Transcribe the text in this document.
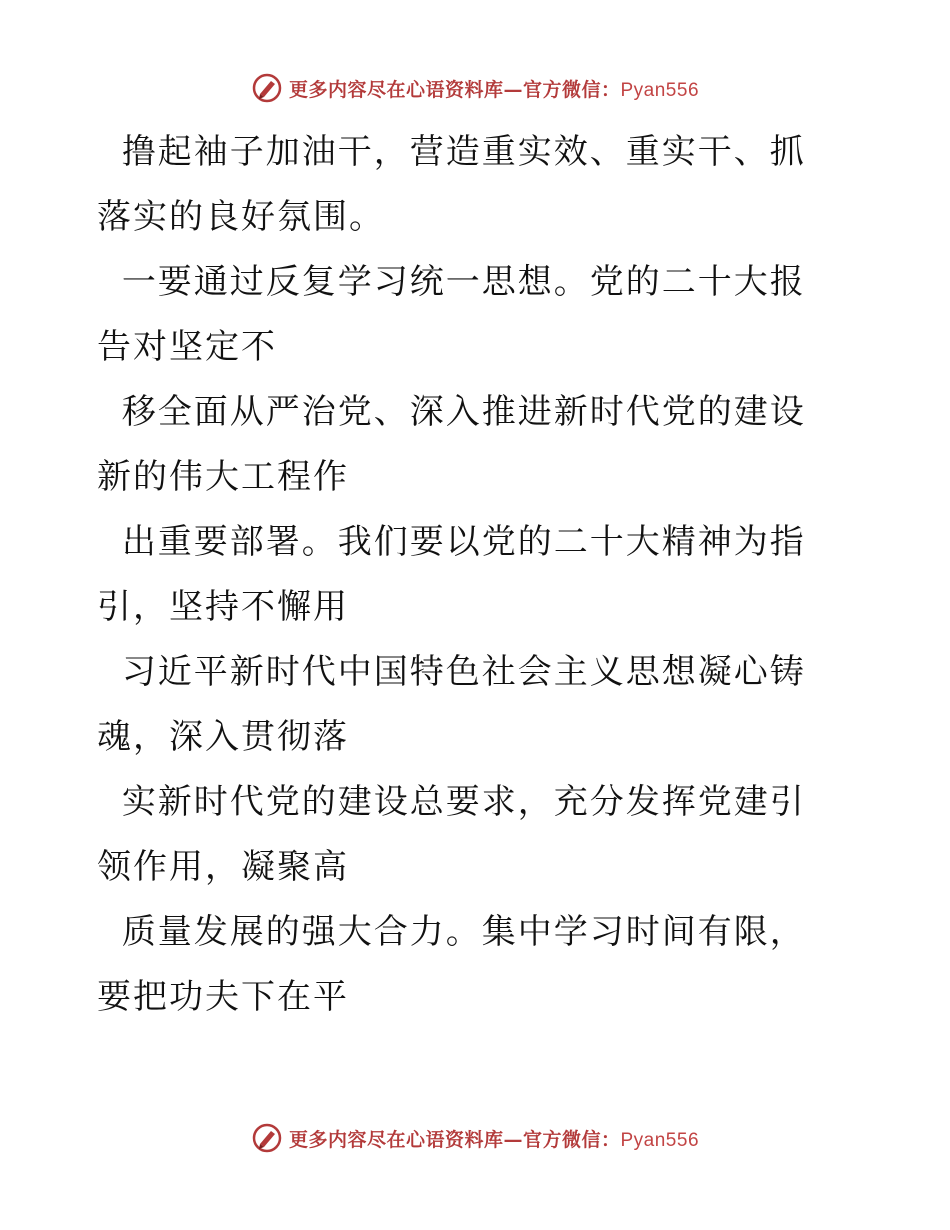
更多内容尽在心语资料库—官方微信：Pyan556

撸起袖子加油干，营造重实效、重实干、抓落实的良好氛围。

一要通过反复学习统一思想。党的二十大报告对坚定不

移全面从严治党、深入推进新时代党的建设新的伟大工程作

出重要部署。我们要以党的二十大精神为指引，坚持不懈用

习近平新时代中国特色社会主义思想凝心铸魂，深入贯彻落

实新时代党的建设总要求，充分发挥党建引领作用，凝聚高

质量发展的强大合力。集中学习时间有限，要把功夫下在平

更多内容尽在心语资料库—官方微信：Pyan556
